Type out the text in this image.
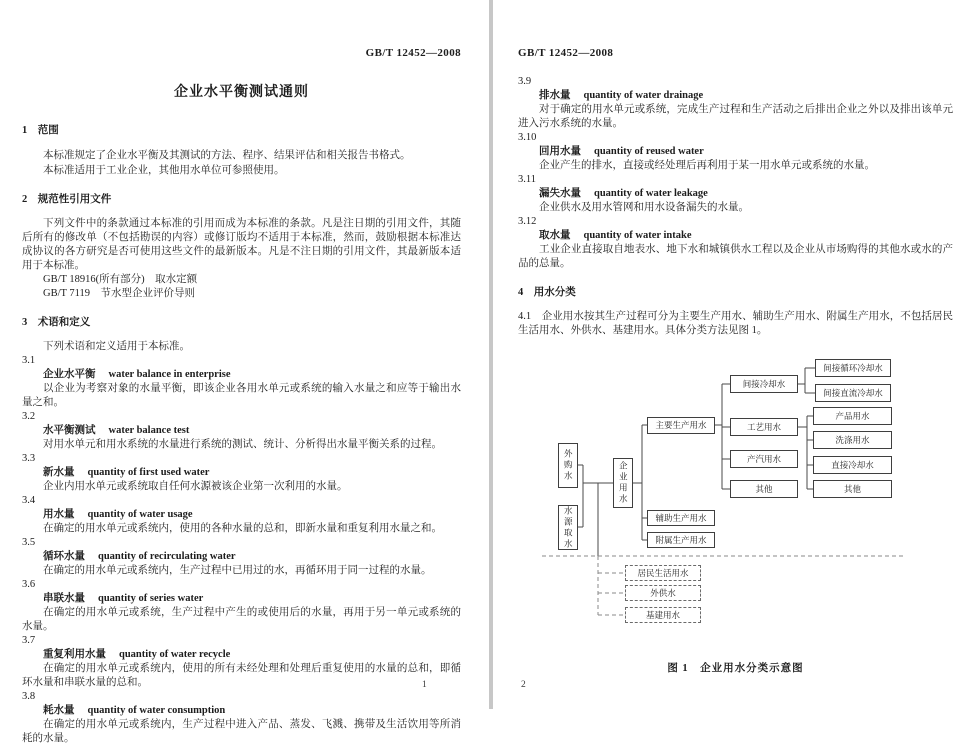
GB/T 12452—2008
企业水平衡测试通则
1　范围

本标准规定了企业水平衡及其测试的方法、程序、结果评估和相关报告书格式。

本标准适用于工业企业，其他用水单位可参照使用。

2　规范性引用文件

下列文件中的条款通过本标准的引用而成为本标准的条款。凡是注日期的引用文件，其随后所有的修改单（不包括勘误的内容）或修订版均不适用于本标准，然而，鼓励根据本标准达成协议的各方研究是否可使用这些文件的最新版本。凡是不注日期的引用文件，其最新版本适用于本标准。

GB/T 18916(所有部分)　取水定额

GB/T 7119　节水型企业评价导则

3　术语和定义

下列术语和定义适用于本标准。

3.1
企业水平衡 water balance in enterprise

以企业为考察对象的水量平衡，即该企业各用水单元或系统的输入水量之和应等于输出水量之和。

3.2
水平衡测试 water balance test

对用水单元和用水系统的水量进行系统的测试、统计、分析得出水量平衡关系的过程。

3.3
新水量 quantity of first used water

企业内用水单元或系统取自任何水源被该企业第一次利用的水量。

3.4
用水量 quantity of water usage

在确定的用水单元或系统内，使用的各种水量的总和，即新水量和重复利用水量之和。

3.5
循环水量 quantity of recirculating water

在确定的用水单元或系统内，生产过程中已用过的水，再循环用于同一过程的水量。

3.6
串联水量 quantity of series water

在确定的用水单元或系统，生产过程中产生的或使用后的水量，再用于另一单元或系统的水量。

3.7
重复利用水量 quantity of water recycle

在确定的用水单元或系统内，使用的所有未经处理和处理后重复使用的水量的总和，即循环水量和串联水量的总和。

3.8
耗水量 quantity of water consumption

在确定的用水单元或系统内，生产过程中进入产品、蒸发、飞溅、携带及生活饮用等所消耗的水量。

GB/T 12452—2008
3.9
排水量 quantity of water drainage

对于确定的用水单元或系统，完成生产过程和生产活动之后排出企业之外以及排出该单元进入污水系统的水量。

3.10
回用水量 quantity of reused water

企业产生的排水，直接或经处理后再利用于某一用水单元或系统的水量。

3.11
漏失水量 quantity of water leakage

企业供水及用水管网和用水设备漏失的水量。

3.12
取水量 quantity of water intake

工业企业直接取自地表水、地下水和城镇供水工程以及企业从市场购得的其他水或水的产品的总量。

4　用水分类

4.1　企业用水按其生产过程可分为主要生产用水、辅助生产用水、附属生产用水，不包括居民生活用水、外供水、基建用水。具体分类方法见图 1。

外购水
水源取水
企业用水
主要生产用水
辅助生产用水
附属生产用水
居民生活用水
外供水
基建用水
间接冷却水
工艺用水
产汽用水
其他
间接循环冷却水
间接直流冷却水
产品用水
洗涤用水
直接冷却水
其他
图 1　企业用水分类示意图
1	2
